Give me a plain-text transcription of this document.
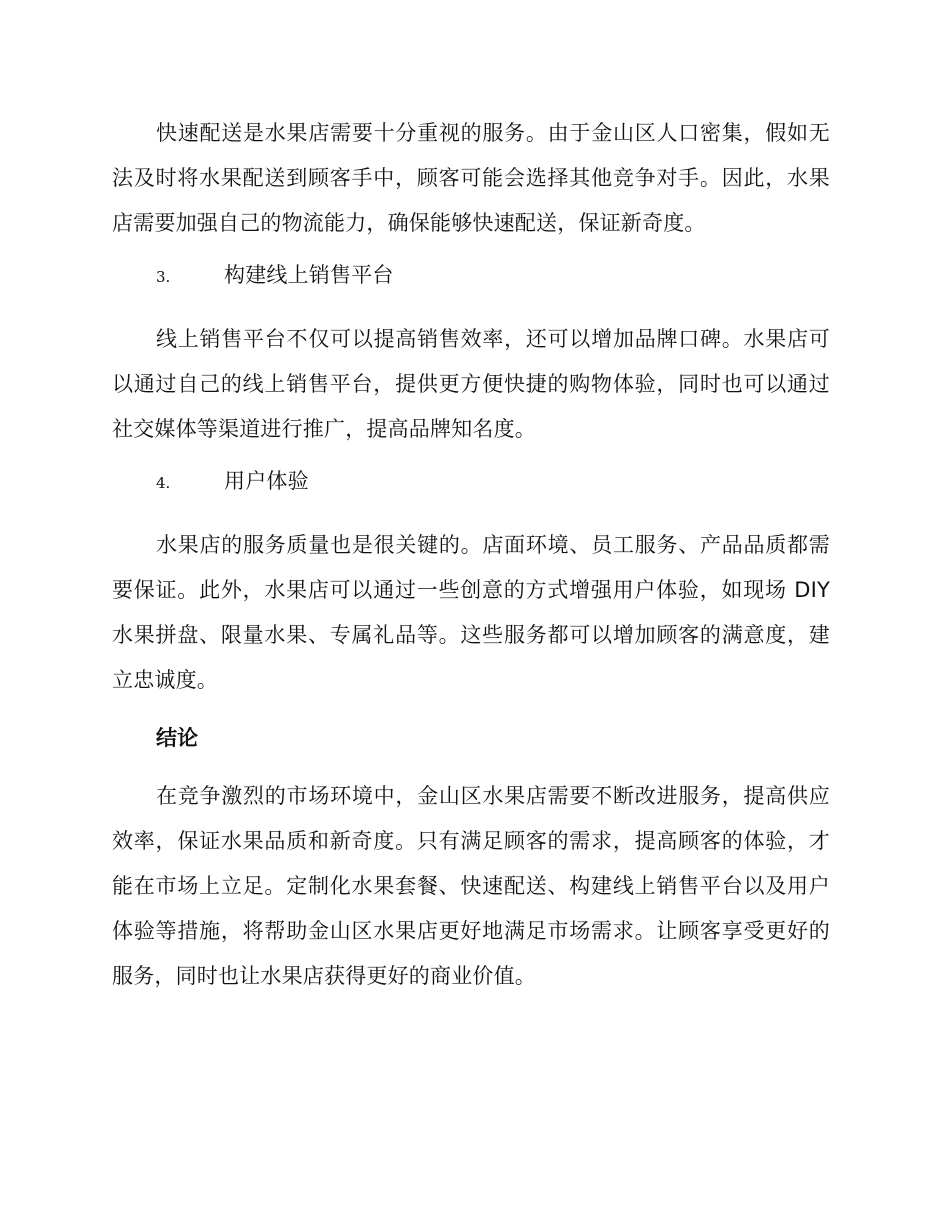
快速配送是水果店需要十分重视的服务。由于金山区人口密集，假如无法及时将水果配送到顾客手中，顾客可能会选择其他竞争对手。因此，水果店需要加强自己的物流能力，确保能够快速配送，保证新奇度。

3.	构建线上销售平台

线上销售平台不仅可以提高销售效率，还可以增加品牌口碑。水果店可以通过自己的线上销售平台，提供更方便快捷的购物体验，同时也可以通过社交媒体等渠道进行推广，提高品牌知名度。

4.	用户体验

水果店的服务质量也是很关键的。店面环境、员工服务、产品品质都需要保证。此外，水果店可以通过一些创意的方式增强用户体验，如现场 DIY 水果拼盘、限量水果、专属礼品等。这些服务都可以增加顾客的满意度，建立忠诚度。

结论

在竞争激烈的市场环境中，金山区水果店需要不断改进服务，提高供应效率，保证水果品质和新奇度。只有满足顾客的需求，提高顾客的体验，才能在市场上立足。定制化水果套餐、快速配送、构建线上销售平台以及用户体验等措施，将帮助金山区水果店更好地满足市场需求。让顾客享受更好的服务，同时也让水果店获得更好的商业价值。
